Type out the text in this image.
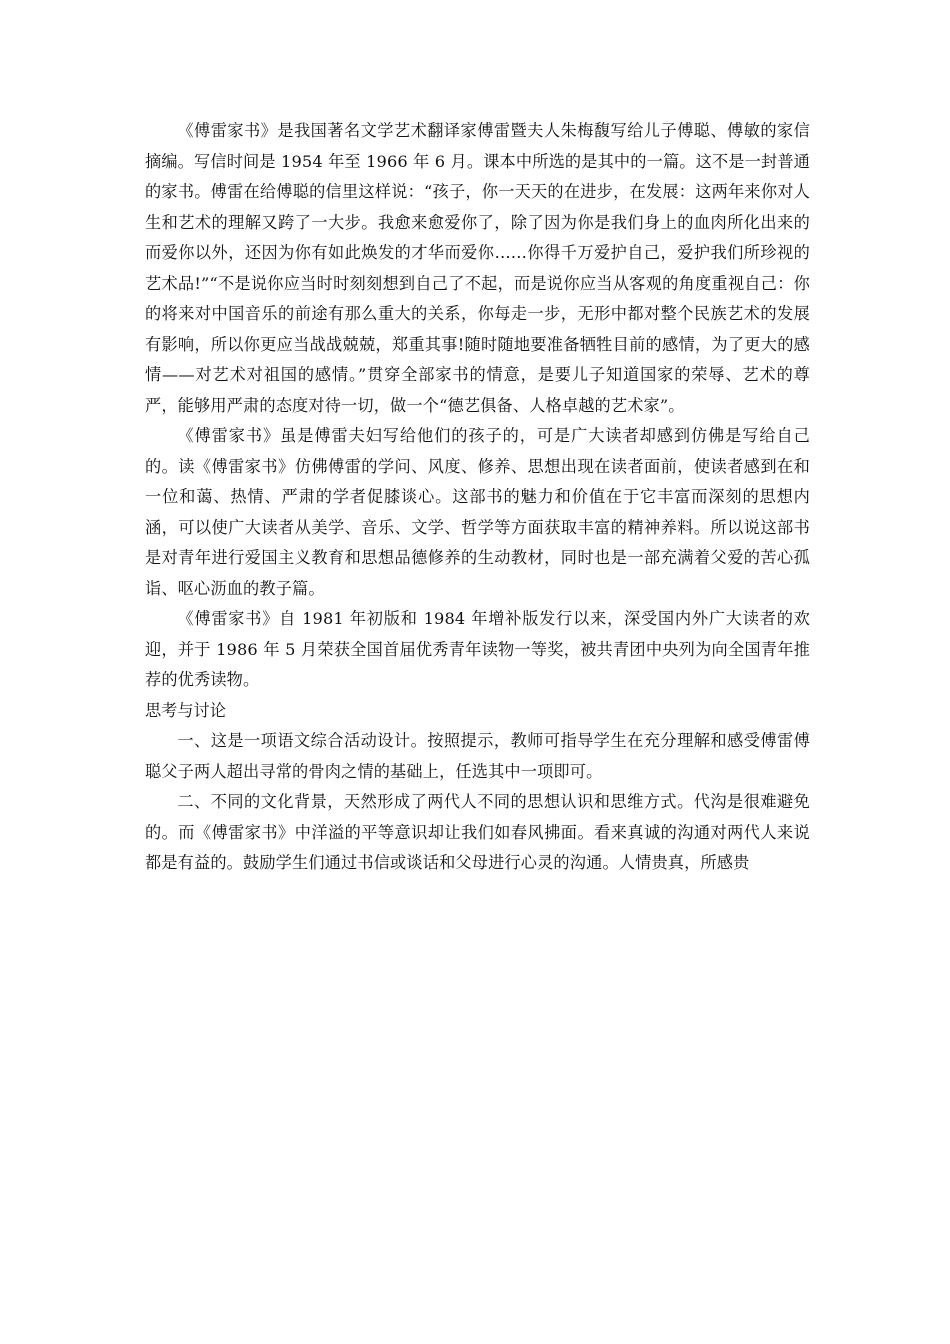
《傅雷家书》是我国著名文学艺术翻译家傅雷暨夫人朱梅馥写给儿子傅聪、傅敏的家信摘编。写信时间是 1954 年至 1966 年 6 月。课本中所选的是其中的一篇。这不是一封普通的家书。傅雷在给傅聪的信里这样说：“孩子，你一天天的在进步，在发展：这两年来你对人生和艺术的理解又跨了一大步。我愈来愈爱你了，除了因为你是我们身上的血肉所化出来的而爱你以外，还因为你有如此焕发的才华而爱你……你得千万爱护自己，爱护我们所珍视的艺术品!”“不是说你应当时时刻刻想到自己了不起，而是说你应当从客观的角度重视自己：你的将来对中国音乐的前途有那么重大的关系，你每走一步，无形中都对整个民族艺术的发展有影响，所以你更应当战战兢兢，郑重其事!随时随地要准备牺牲目前的感情，为了更大的感情——对艺术对祖国的感情。”贯穿全部家书的情意，是要儿子知道国家的荣辱、艺术的尊严，能够用严肃的态度对待一切，做一个“德艺俱备、人格卓越的艺术家”。

《傅雷家书》虽是傅雷夫妇写给他们的孩子的，可是广大读者却感到仿佛是写给自己的。读《傅雷家书》仿佛傅雷的学问、风度、修养、思想出现在读者面前，使读者感到在和一位和蔼、热情、严肃的学者促膝谈心。这部书的魅力和价值在于它丰富而深刻的思想内涵，可以使广大读者从美学、音乐、文学、哲学等方面获取丰富的精神养料。所以说这部书是对青年进行爱国主义教育和思想品德修养的生动教材，同时也是一部充满着父爱的苦心孤诣、呕心沥血的教子篇。

《傅雷家书》自 1981 年初版和 1984 年增补版发行以来，深受国内外广大读者的欢迎，并于 1986 年 5 月荣获全国首届优秀青年读物一等奖，被共青团中央列为向全国青年推荐的优秀读物。

思考与讨论

一、这是一项语文综合活动设计。按照提示，教师可指导学生在充分理解和感受傅雷傅聪父子两人超出寻常的骨肉之情的基础上，任选其中一项即可。

二、不同的文化背景，天然形成了两代人不同的思想认识和思维方式。代沟是很难避免的。而《傅雷家书》中洋溢的平等意识却让我们如春风拂面。看来真诚的沟通对两代人来说都是有益的。鼓励学生们通过书信或谈话和父母进行心灵的沟通。人情贵真，所感贵
